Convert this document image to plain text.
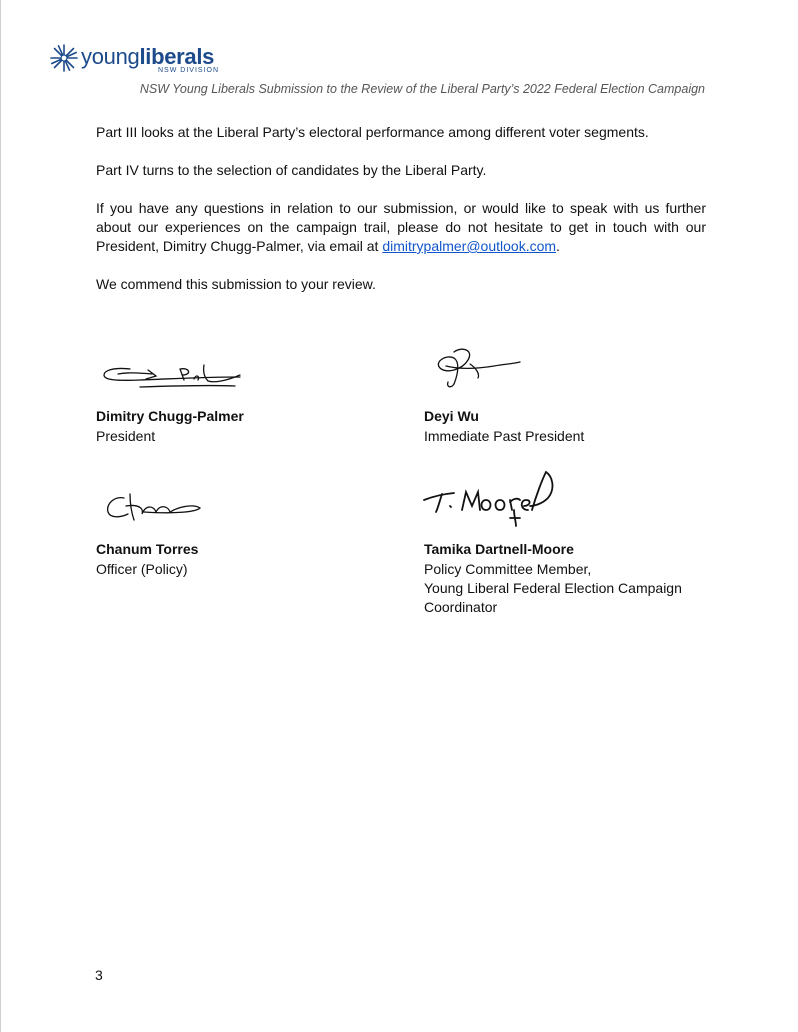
youngliberals
NSW DIVISION
NSW Young Liberals Submission to the Review of the Liberal Party’s 2022 Federal Election Campaign
Part III looks at the Liberal Party’s electoral performance among different voter segments.
Part IV turns to the selection of candidates by the Liberal Party.
If you have any questions in relation to our submission, or would like to speak with us further about our experiences on the campaign trail, please do not hesitate to get in touch with our President, Dimitry Chugg-Palmer, via email at dimitrypalmer@outlook.com.
We commend this submission to your review.
Dimitry Chugg-Palmer
President
Deyi Wu
Immediate Past President
Chanum Torres
Officer (Policy)
Tamika Dartnell-Moore
Policy Committee Member,
Young Liberal Federal Election Campaign
Coordinator
3
